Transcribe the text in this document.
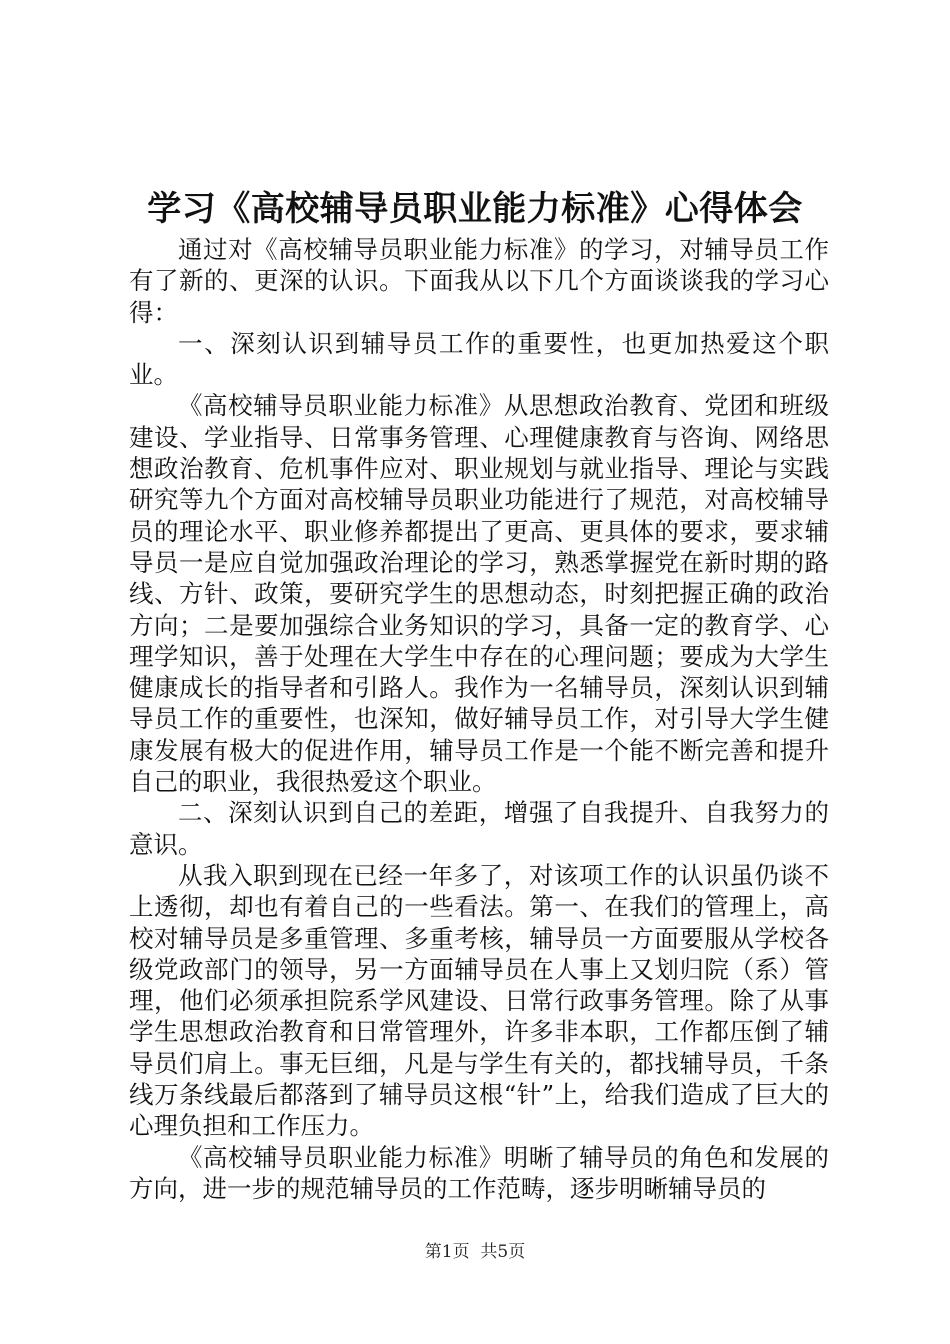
学习《高校辅导员职业能力标准》心得体会

通过对《高校辅导员职业能力标准》的学习，对辅导员工作有了新的、更深的认识。下面我从以下几个方面谈谈我的学习心得：

一、深刻认识到辅导员工作的重要性，也更加热爱这个职业。

《高校辅导员职业能力标准》从思想政治教育、党团和班级建设、学业指导、日常事务管理、心理健康教育与咨询、网络思想政治教育、危机事件应对、职业规划与就业指导、理论与实践研究等九个方面对高校辅导员职业功能进行了规范，对高校辅导员的理论水平、职业修养都提出了更高、更具体的要求，要求辅导员一是应自觉加强政治理论的学习，熟悉掌握党在新时期的路线、方针、政策，要研究学生的思想动态，时刻把握正确的政治方向；二是要加强综合业务知识的学习，具备一定的教育学、心理学知识，善于处理在大学生中存在的心理问题；要成为大学生健康成长的指导者和引路人。我作为一名辅导员，深刻认识到辅导员工作的重要性，也深知，做好辅导员工作，对引导大学生健康发展有极大的促进作用，辅导员工作是一个能不断完善和提升自己的职业，我很热爱这个职业。

二、深刻认识到自己的差距，增强了自我提升、自我努力的意识。

从我入职到现在已经一年多了，对该项工作的认识虽仍谈不上透彻，却也有着自己的一些看法。第一、在我们的管理上，高校对辅导员是多重管理、多重考核，辅导员一方面要服从学校各级党政部门的领导，另一方面辅导员在人事上又划归院（系）管理，他们必须承担院系学风建设、日常行政事务管理。除了从事学生思想政治教育和日常管理外，许多非本职，工作都压倒了辅导员们肩上。事无巨细，凡是与学生有关的，都找辅导员，千条线万条线最后都落到了辅导员这根“针”上，给我们造成了巨大的心理负担和工作压力。

《高校辅导员职业能力标准》明晰了辅导员的角色和发展的方向，进一步的规范辅导员的工作范畴，逐步明晰辅导员的

第1页 共5页
